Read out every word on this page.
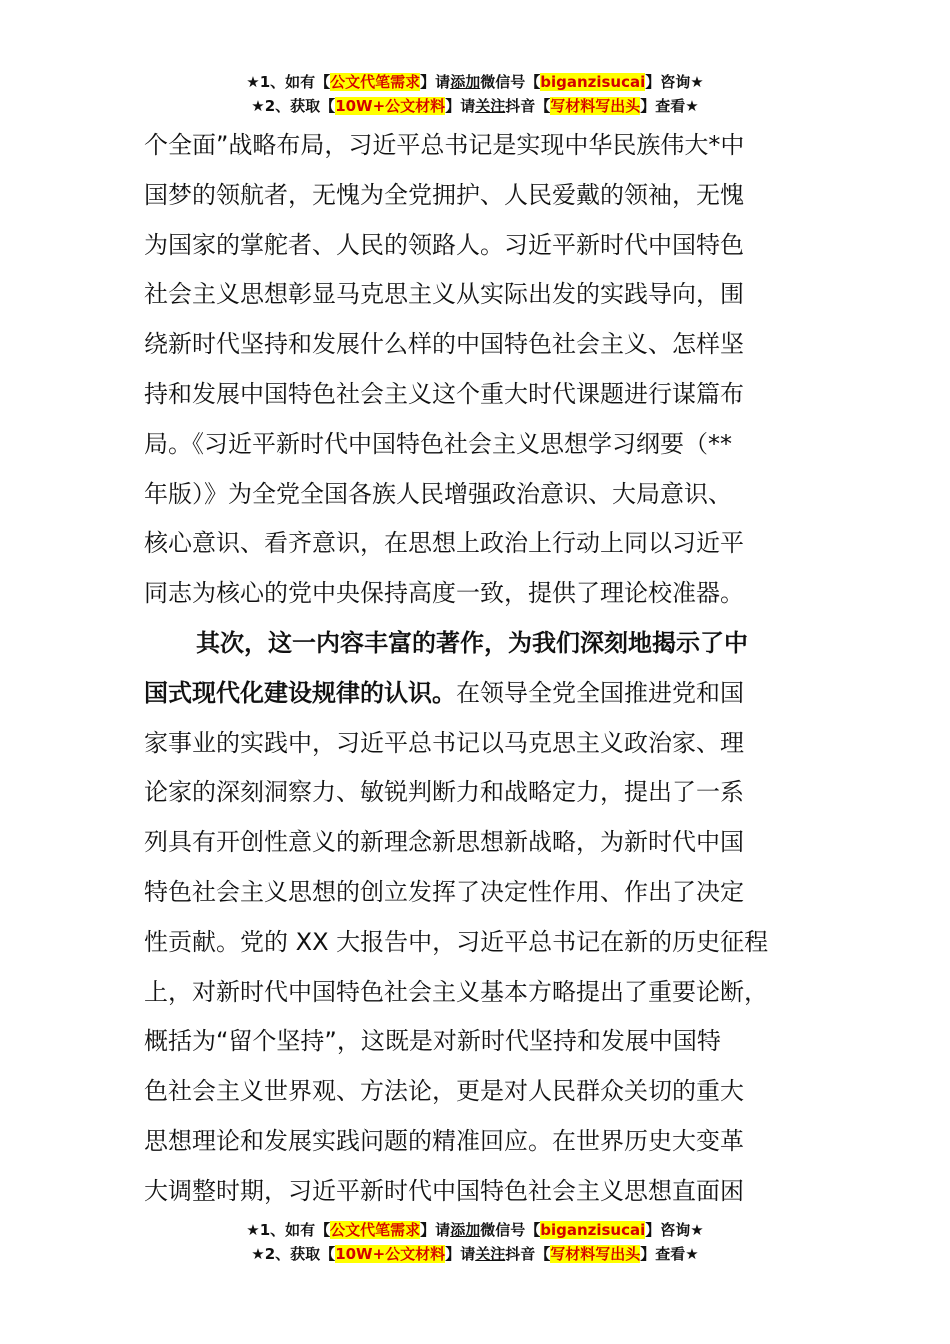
★1、如有【公文代笔需求】请添加微信号【biganzisucai】咨询★
★2、获取【10W+公文材料】请关注抖音【写材料写出头】查看★
个全面”战略布局，习近平总书记是实现中华民族伟大*中
国梦的领航者，无愧为全党拥护、人民爱戴的领袖，无愧
为国家的掌舵者、人民的领路人。习近平新时代中国特色
社会主义思想彰显马克思主义从实际出发的实践导向，围
绕新时代坚持和发展什么样的中国特色社会主义、怎样坚
持和发展中国特色社会主义这个重大时代课题进行谋篇布
局。《习近平新时代中国特色社会主义思想学习纲要（**
年版）》为全党全国各族人民增强政治意识、大局意识、
核心意识、看齐意识，在思想上政治上行动上同以习近平
同志为核心的党中央保持高度一致，提供了理论校准器。
其次，这一内容丰富的著作，为我们深刻地揭示了中
国式现代化建设规律的认识。在领导全党全国推进党和国
家事业的实践中，习近平总书记以马克思主义政治家、理
论家的深刻洞察力、敏锐判断力和战略定力，提出了一系
列具有开创性意义的新理念新思想新战略，为新时代中国
特色社会主义思想的创立发挥了决定性作用、作出了决定
性贡献。党的 XX 大报告中，习近平总书记在新的历史征程
上，对新时代中国特色社会主义基本方略提出了重要论断，
概括为“留个坚持”，这既是对新时代坚持和发展中国特
色社会主义世界观、方法论，更是对人民群众关切的重大
思想理论和发展实践问题的精准回应。在世界历史大变革
大调整时期，习近平新时代中国特色社会主义思想直面困
★1、如有【公文代笔需求】请添加微信号【biganzisucai】咨询★
★2、获取【10W+公文材料】请关注抖音【写材料写出头】查看★
